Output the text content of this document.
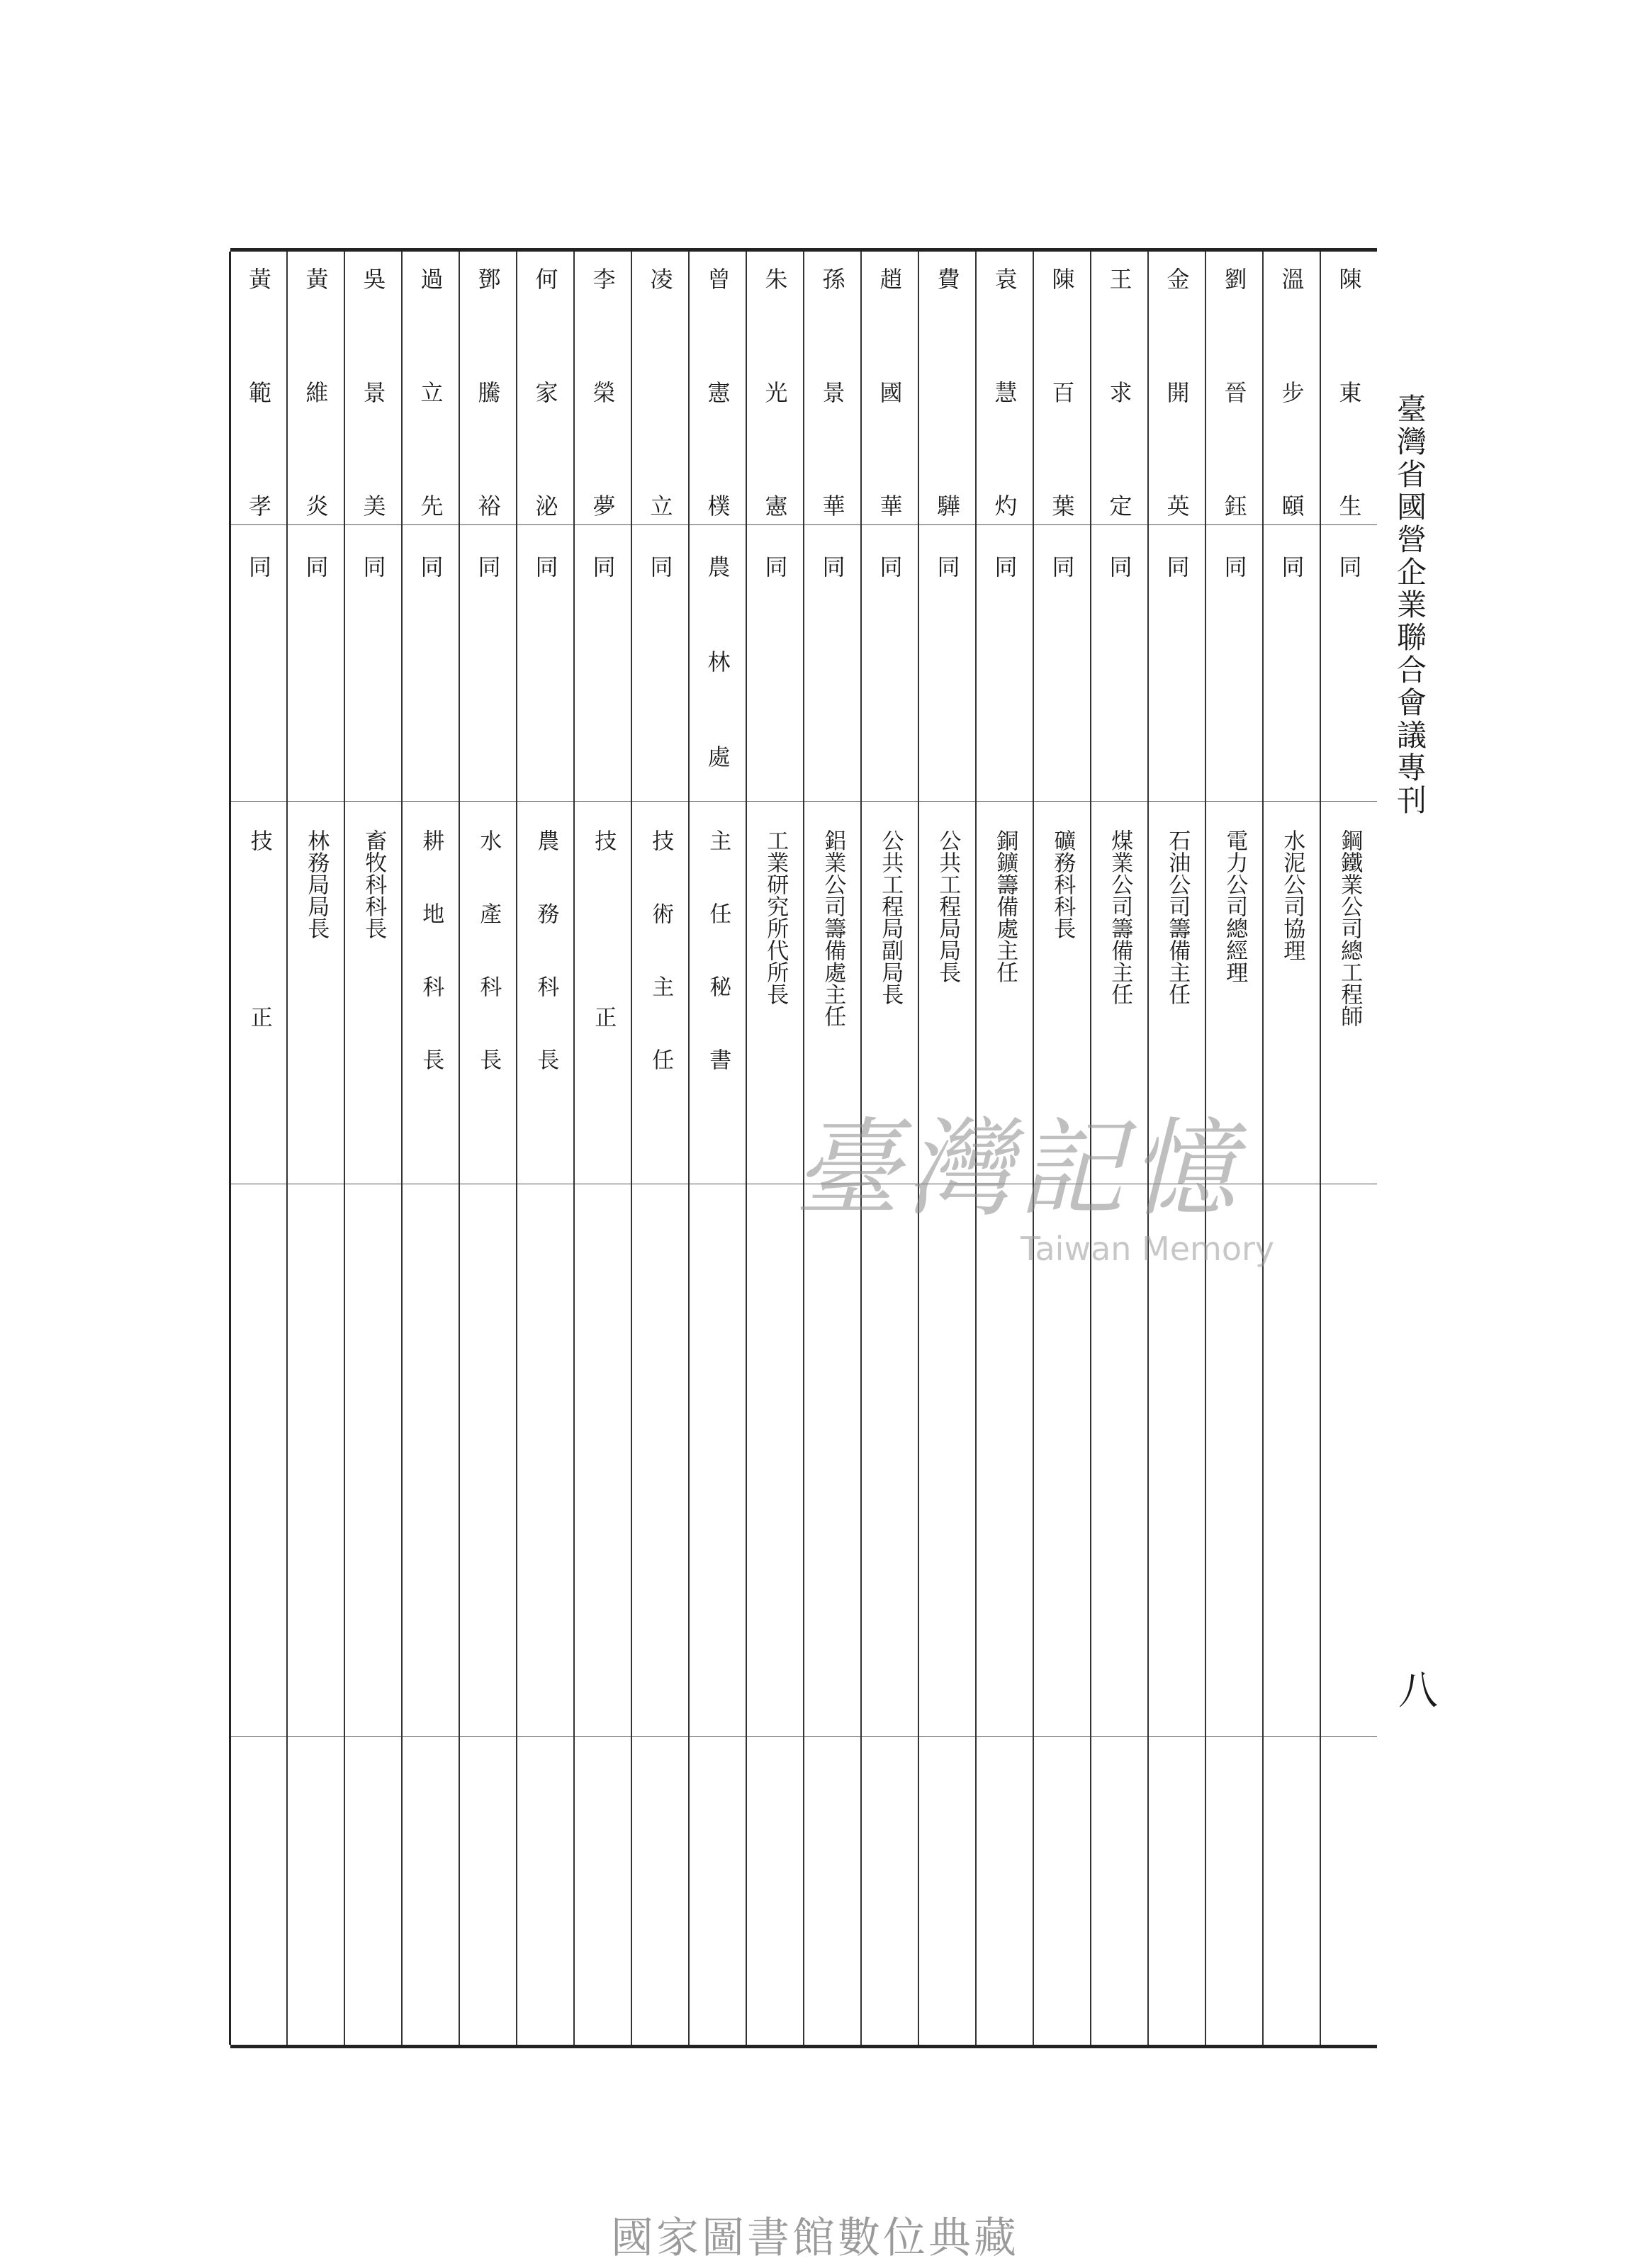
臺灣省國營企業聯合會議專刊
八
陳東生
同
鋼鐵業公司總工程師
溫步頤
同
水泥公司協理
劉晉鈺
同
電力公司總經理
金開英
同
石油公司籌備主任
王求定
同
煤業公司籌備主任
陳百葉
同
礦務科科長
袁慧灼
同
銅鑛籌備處主任
費驊
同
公共工程局局長
趙國華
同
公共工程局副局長
孫景華
同
鋁業公司籌備處主任
朱光憲
同
工業研究所代所長
曾憲樸
農林處
主任秘書
凌立
同
技術主任
李榮夢
同
技正
何家泌
同
農務科長
鄧騰裕
同
水產科長
過立先
同
耕地科長
吳景美
同
畜牧科科長
黃維炎
同
林務局局長
黃範孝
同
技正
臺灣記憶
Taiwan Memory
國家圖書館數位典藏
